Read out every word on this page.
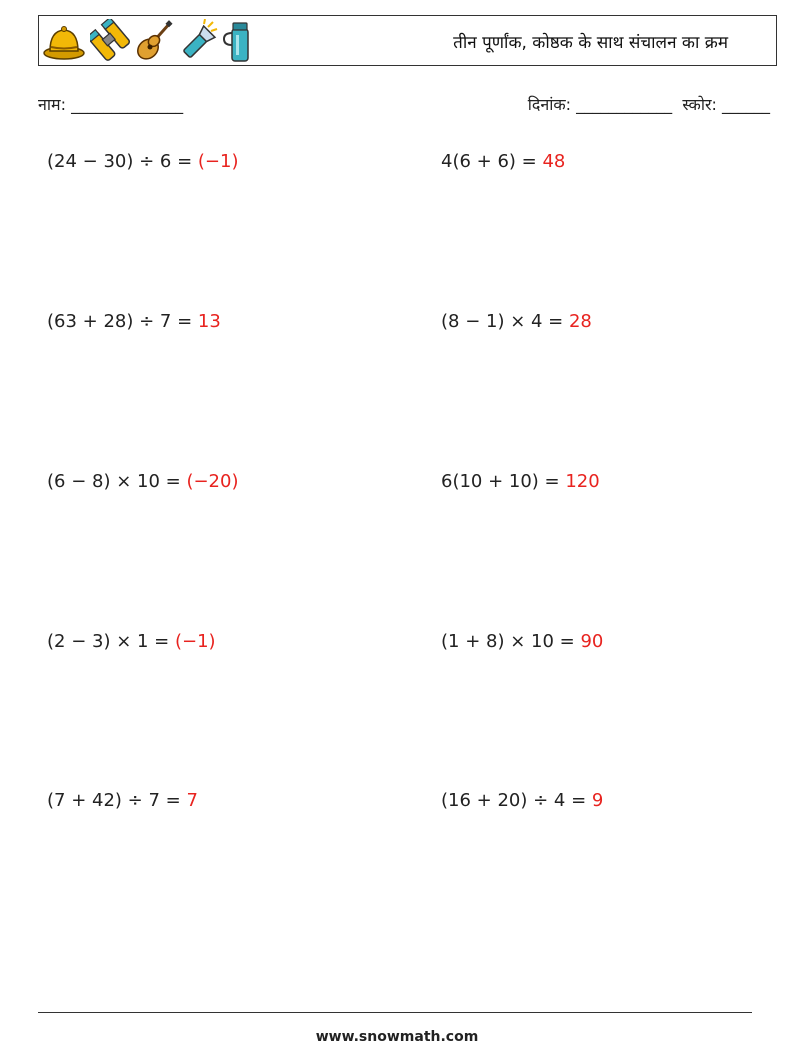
तीन पूर्णांक, कोष्ठक के साथ संचालन का क्रम
नाम: ______________	दिनांक: ____________ स्कोर: ______
(24 − 30) ÷ 6 = (−1)	4(6 + 6) = 48
(63 + 28) ÷ 7 = 13	(8 − 1) × 4 = 28
(6 − 8) × 10 = (−20)	6(10 + 10) = 120
(2 − 3) × 1 = (−1)	(1 + 8) × 10 = 90
(7 + 42) ÷ 7 = 7	(16 + 20) ÷ 4 = 9
www.snowmath.com
